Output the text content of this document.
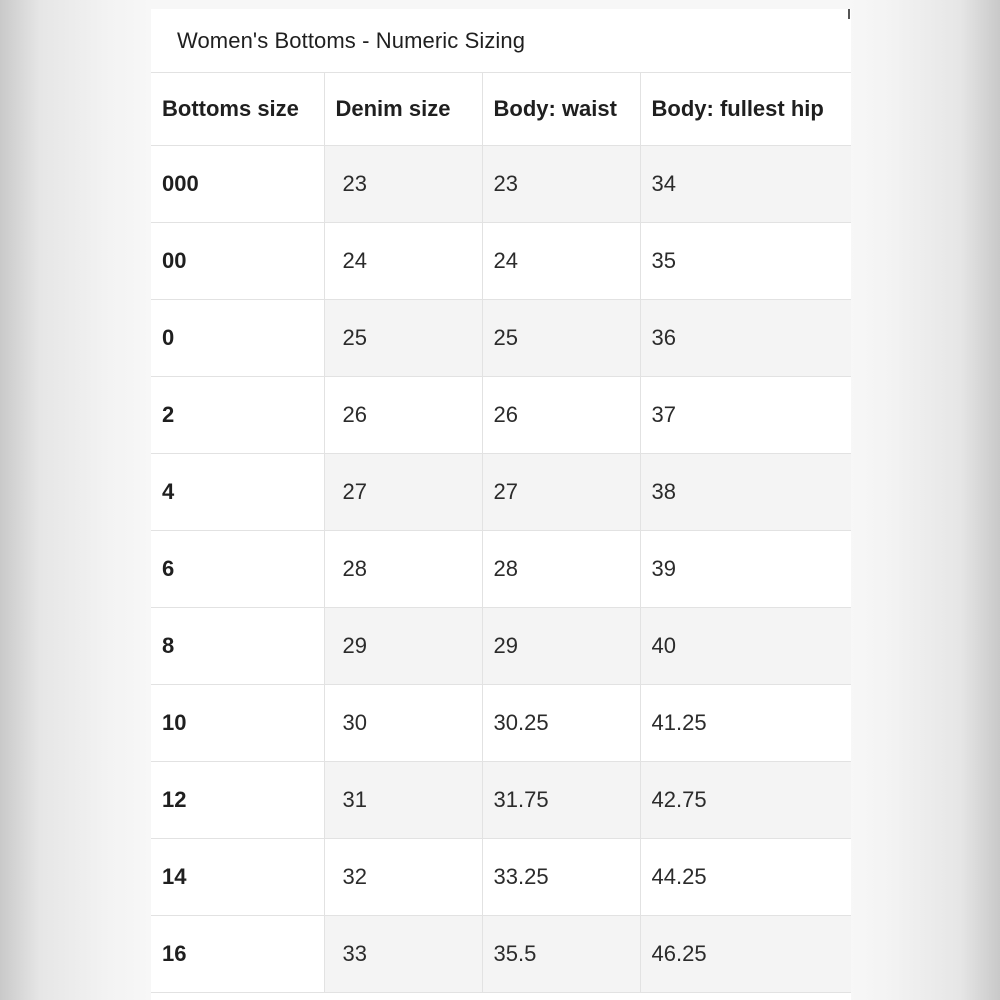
Women's Bottoms - Numeric Sizing
Bottoms size	Denim size	Body: waist	Body: fullest hip
000	23	23	34
00	24	24	35
0	25	25	36
2	26	26	37
4	27	27	38
6	28	28	39
8	29	29	40
10	30	30.25	41.25
12	31	31.75	42.75
14	32	33.25	44.25
16	33	35.5	46.25
